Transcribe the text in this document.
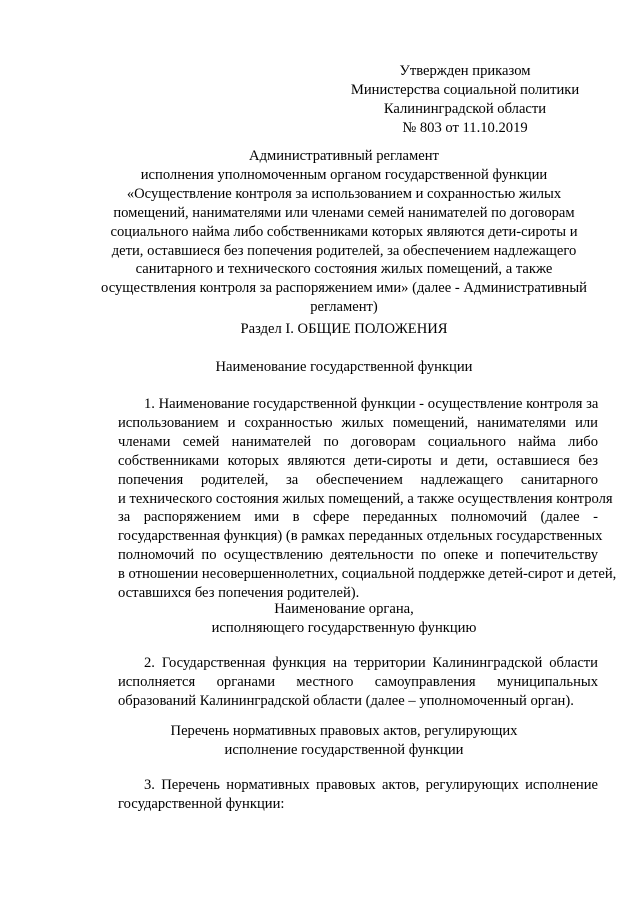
Утвержден приказом
Министерства социальной политики
Калининградской области
№ 803 от 11.10.2019
Административный регламент
исполнения уполномоченным органом государственной функции
«Осуществление контроля за использованием и сохранностью жилых
помещений, нанимателями или членами семей нанимателей по договорам
социального найма либо собственниками которых являются дети-сироты и
дети, оставшиеся без попечения родителей, за обеспечением надлежащего
санитарного и технического состояния жилых помещений, а также
осуществления контроля за распоряжением ими» (далее - Административный
регламент)
Раздел I. ОБЩИЕ ПОЛОЖЕНИЯ
Наименование государственной функции
1. Наименование государственной функции - осуществление контроля за
использованием и сохранностью жилых помещений, нанимателями или
членами семей нанимателей по договорам социального найма либо
собственниками которых являются дети-сироты и дети, оставшиеся без
попечения родителей, за обеспечением надлежащего санитарного
и технического состояния жилых помещений, а также осуществления контроля
за распоряжением ими в сфере переданных полномочий (далее -
государственная функция) (в рамках переданных отдельных государственных
полномочий по осуществлению деятельности по опеке и попечительству
в отношении несовершеннолетних, социальной поддержке детей-сирот и детей,
оставшихся без попечения родителей).
Наименование органа,
исполняющего государственную функцию
2. Государственная функция на территории Калининградской области
исполняется органами местного самоуправления муниципальных
образований Калининградской области (далее – уполномоченный орган).
Перечень нормативных правовых актов, регулирующих
исполнение государственной функции
3. Перечень нормативных правовых актов, регулирующих исполнение
государственной функции:
